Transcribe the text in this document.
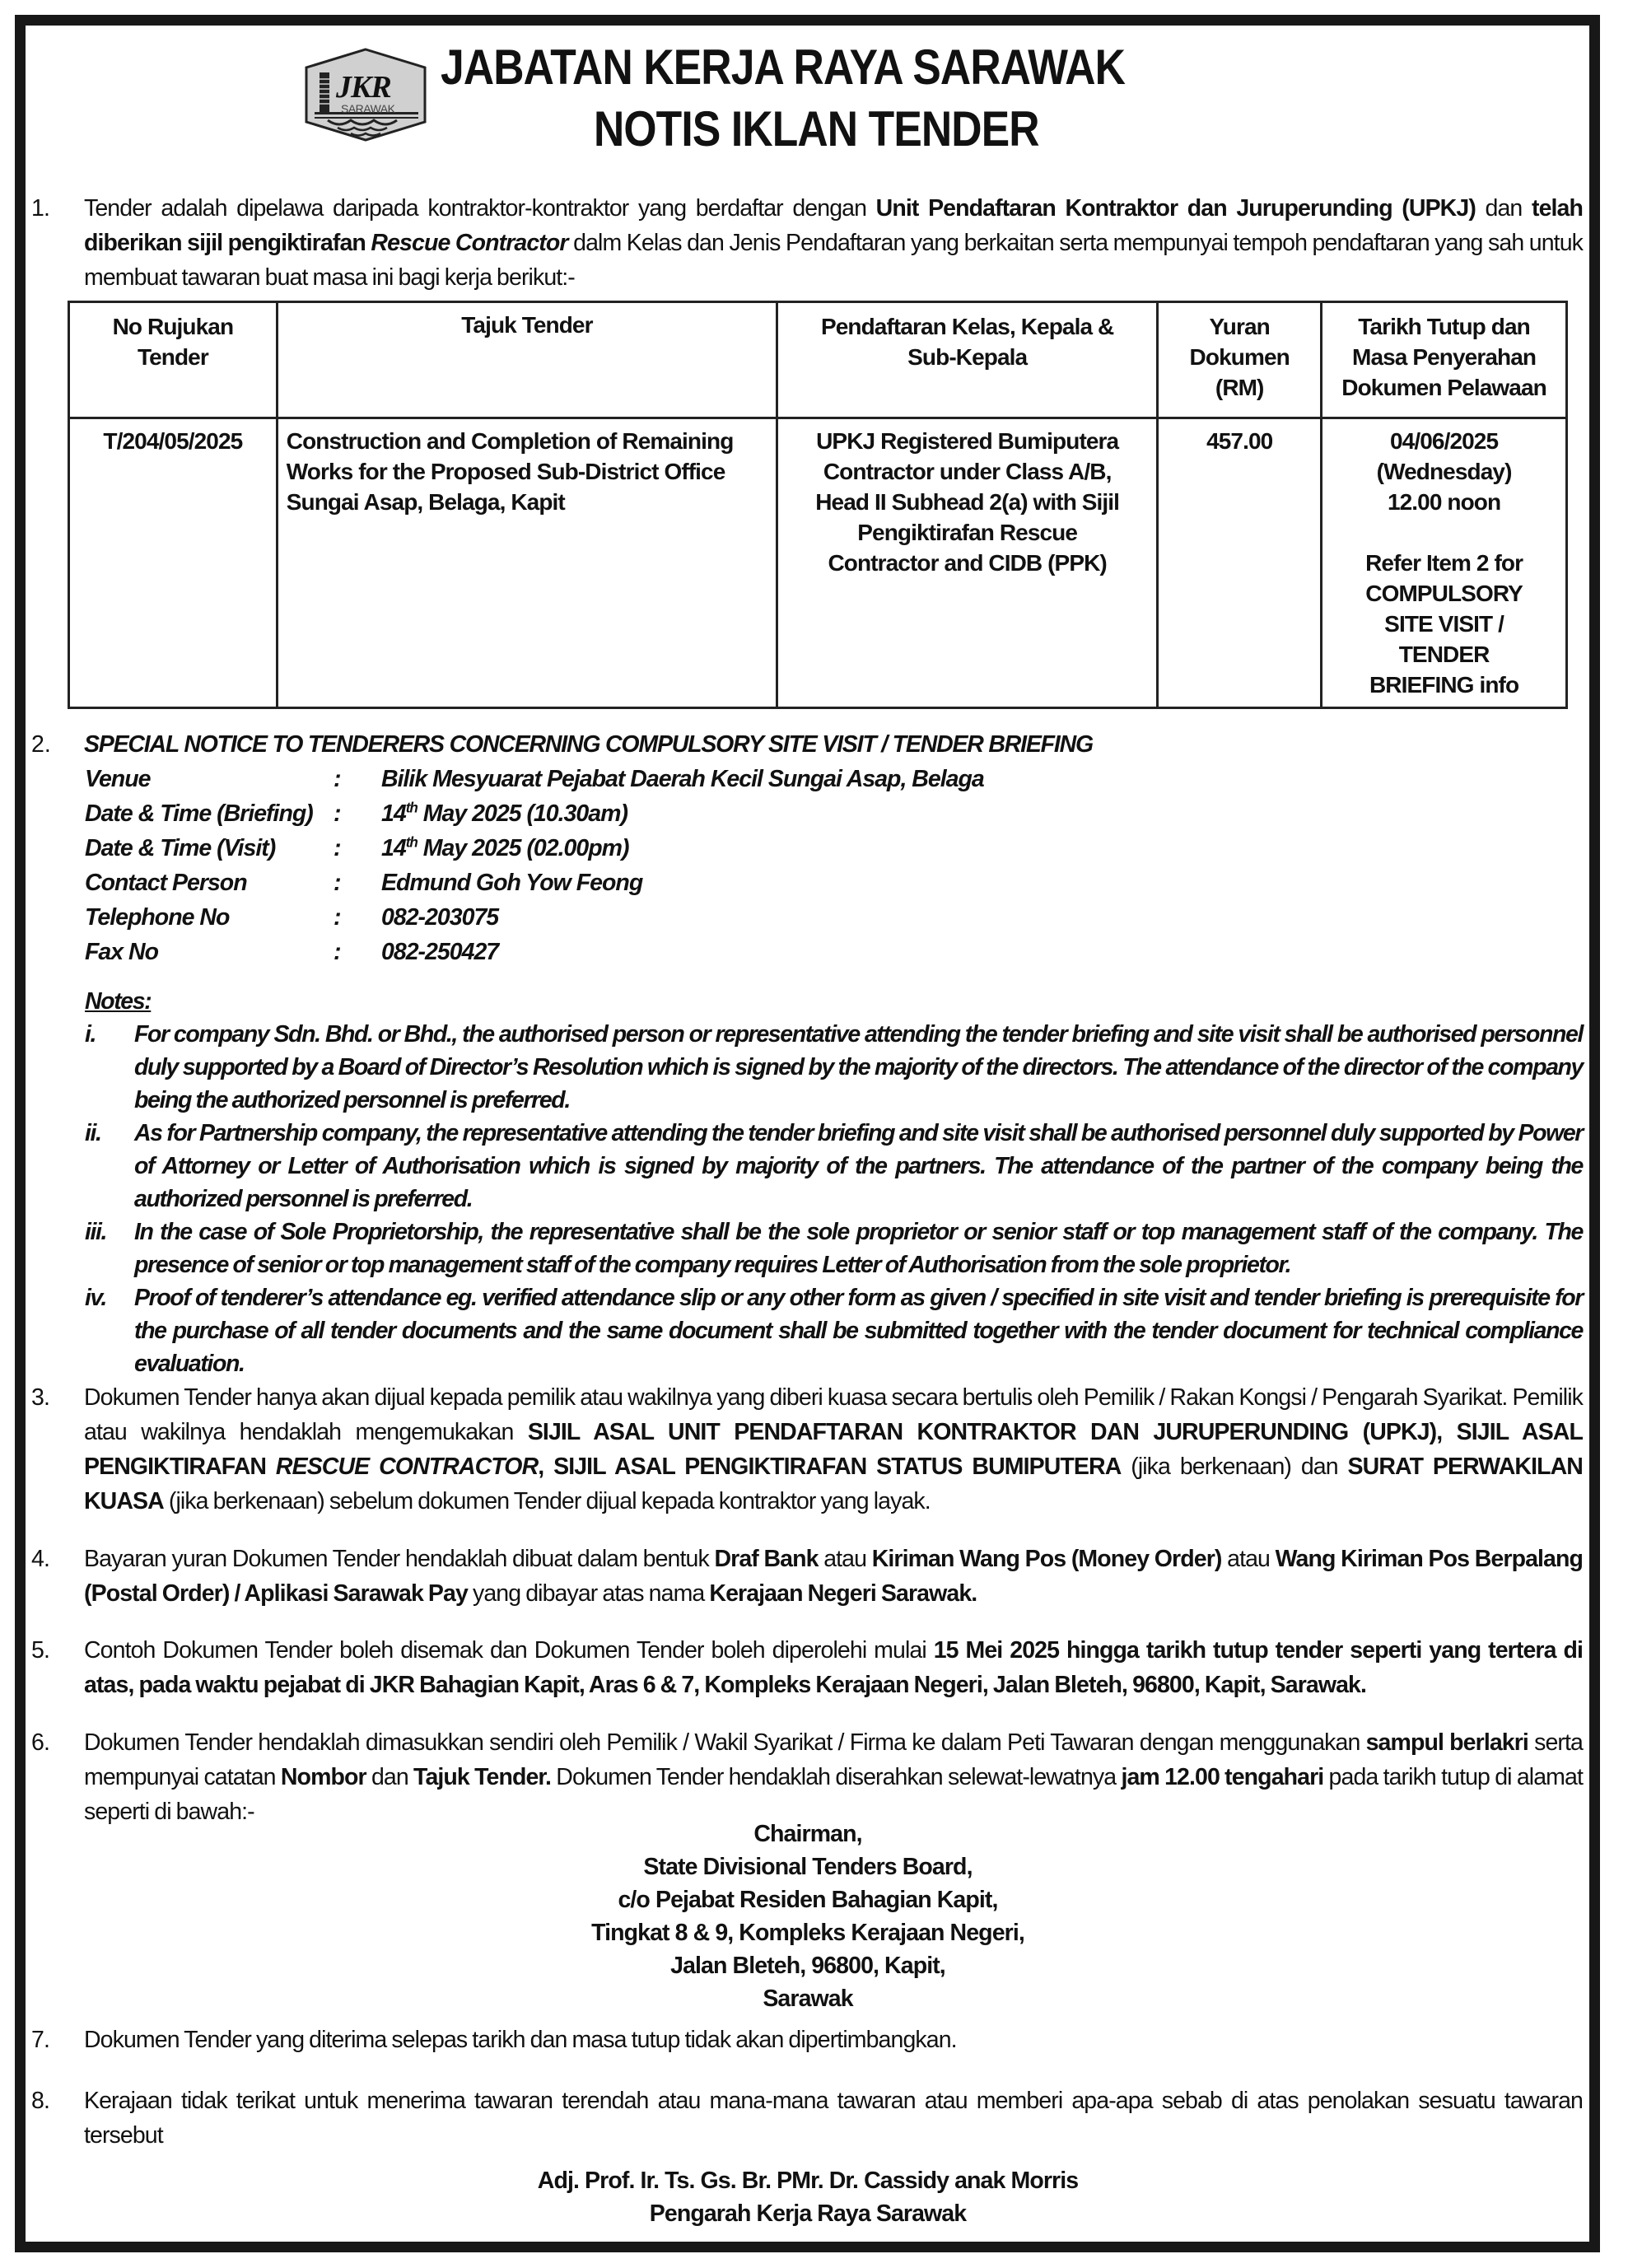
JKR
SARAWAK
JABATAN KERJA RAYA SARAWAK
NOTIS IKLAN TENDER
1.	Tender adalah dipelawa daripada kontraktor-kontraktor yang berdaftar dengan Unit Pendaftaran Kontraktor dan Juruperunding (UPKJ) dan telah diberikan sijil pengiktirafan Rescue Contractor dalm Kelas dan Jenis Pendaftaran yang berkaitan serta mempunyai tempoh pendaftaran yang sah untuk membuat tawaran buat masa ini bagi kerja berikut:-
No Rujukan Tender	Tajuk Tender	Pendaftaran Kelas, Kepala & Sub-Kepala	Yuran Dokumen (RM)	Tarikh Tutup dan Masa Penyerahan Dokumen Pelawaan
T/204/05/2025	Construction and Completion of Remaining Works for the Proposed Sub-District Office Sungai Asap, Belaga, Kapit	UPKJ Registered Bumiputera Contractor under Class A/B, Head II Subhead 2(a) with Sijil Pengiktirafan Rescue Contractor and CIDB (PPK)	457.00	04/06/2025
(Wednesday)
12.00 noon
Refer Item 2 for COMPULSORY SITE VISIT / TENDER BRIEFING info
2.	SPECIAL NOTICE TO TENDERERS CONCERNING COMPULSORY SITE VISIT / TENDER BRIEFING
Venue	: Bilik Mesyuarat Pejabat Daerah Kecil Sungai Asap, Belaga
Date & Time (Briefing) : 14th May 2025 (10.30am)
Date & Time (Visit) : 14th May 2025 (02.00pm)
Contact Person	: Edmund Goh Yow Feong
Telephone No	: 082-203075
Fax No	: 082-250427
Notes:
i. For company Sdn. Bhd. or Bhd., the authorised person or representative attending the tender briefing and site visit shall be authorised personnel duly supported by a Board of Director’s Resolution which is signed by the majority of the directors. The attendance of the director of the company being the authorized personnel is preferred.
ii. As for Partnership company, the representative attending the tender briefing and site visit shall be authorised personnel duly supported by Power of Attorney or Letter of Authorisation which is signed by majority of the partners. The attendance of the partner of the company being the authorized personnel is preferred.
iii. In the case of Sole Proprietorship, the representative shall be the sole proprietor or senior staff or top management staff of the company. The presence of senior or top management staff of the company requires Letter of Authorisation from the sole proprietor.
iv. Proof of tenderer’s attendance eg. verified attendance slip or any other form as given / specified in site visit and tender briefing is prerequisite for the purchase of all tender documents and the same document shall be submitted together with the tender document for technical compliance evaluation.
3.	Dokumen Tender hanya akan dijual kepada pemilik atau wakilnya yang diberi kuasa secara bertulis oleh Pemilik / Rakan Kongsi / Pengarah Syarikat. Pemilik atau wakilnya hendaklah mengemukakan SIJIL ASAL UNIT PENDAFTARAN KONTRAKTOR DAN JURUPERUNDING (UPKJ), SIJIL ASAL PENGIKTIRAFAN RESCUE CONTRACTOR, SIJIL ASAL PENGIKTIRAFAN STATUS BUMIPUTERA (jika berkenaan) dan SURAT PERWAKILAN KUASA (jika berkenaan) sebelum dokumen Tender dijual kepada kontraktor yang layak.
4.	Bayaran yuran Dokumen Tender hendaklah dibuat dalam bentuk Draf Bank atau Kiriman Wang Pos (Money Order) atau Wang Kiriman Pos Berpalang (Postal Order) / Aplikasi Sarawak Pay yang dibayar atas nama Kerajaan Negeri Sarawak.
5.	Contoh Dokumen Tender boleh disemak dan Dokumen Tender boleh diperolehi mulai 15 Mei 2025 hingga tarikh tutup tender seperti yang tertera di atas, pada waktu pejabat di JKR Bahagian Kapit, Aras 6 & 7, Kompleks Kerajaan Negeri, Jalan Bleteh, 96800, Kapit, Sarawak.
6.	Dokumen Tender hendaklah dimasukkan sendiri oleh Pemilik / Wakil Syarikat / Firma ke dalam Peti Tawaran dengan menggunakan sampul berlakri serta mempunyai catatan Nombor dan Tajuk Tender. Dokumen Tender hendaklah diserahkan selewat-lewatnya jam 12.00 tengahari pada tarikh tutup di alamat seperti di bawah:-
Chairman,
State Divisional Tenders Board,
c/o Pejabat Residen Bahagian Kapit,
Tingkat 8 & 9, Kompleks Kerajaan Negeri,
Jalan Bleteh, 96800, Kapit,
Sarawak
7.	Dokumen Tender yang diterima selepas tarikh dan masa tutup tidak akan dipertimbangkan.
8.	Kerajaan tidak terikat untuk menerima tawaran terendah atau mana-mana tawaran atau memberi apa-apa sebab di atas penolakan sesuatu tawaran tersebut
Adj. Prof. Ir. Ts. Gs. Br. PMr. Dr. Cassidy anak Morris
Pengarah Kerja Raya Sarawak
